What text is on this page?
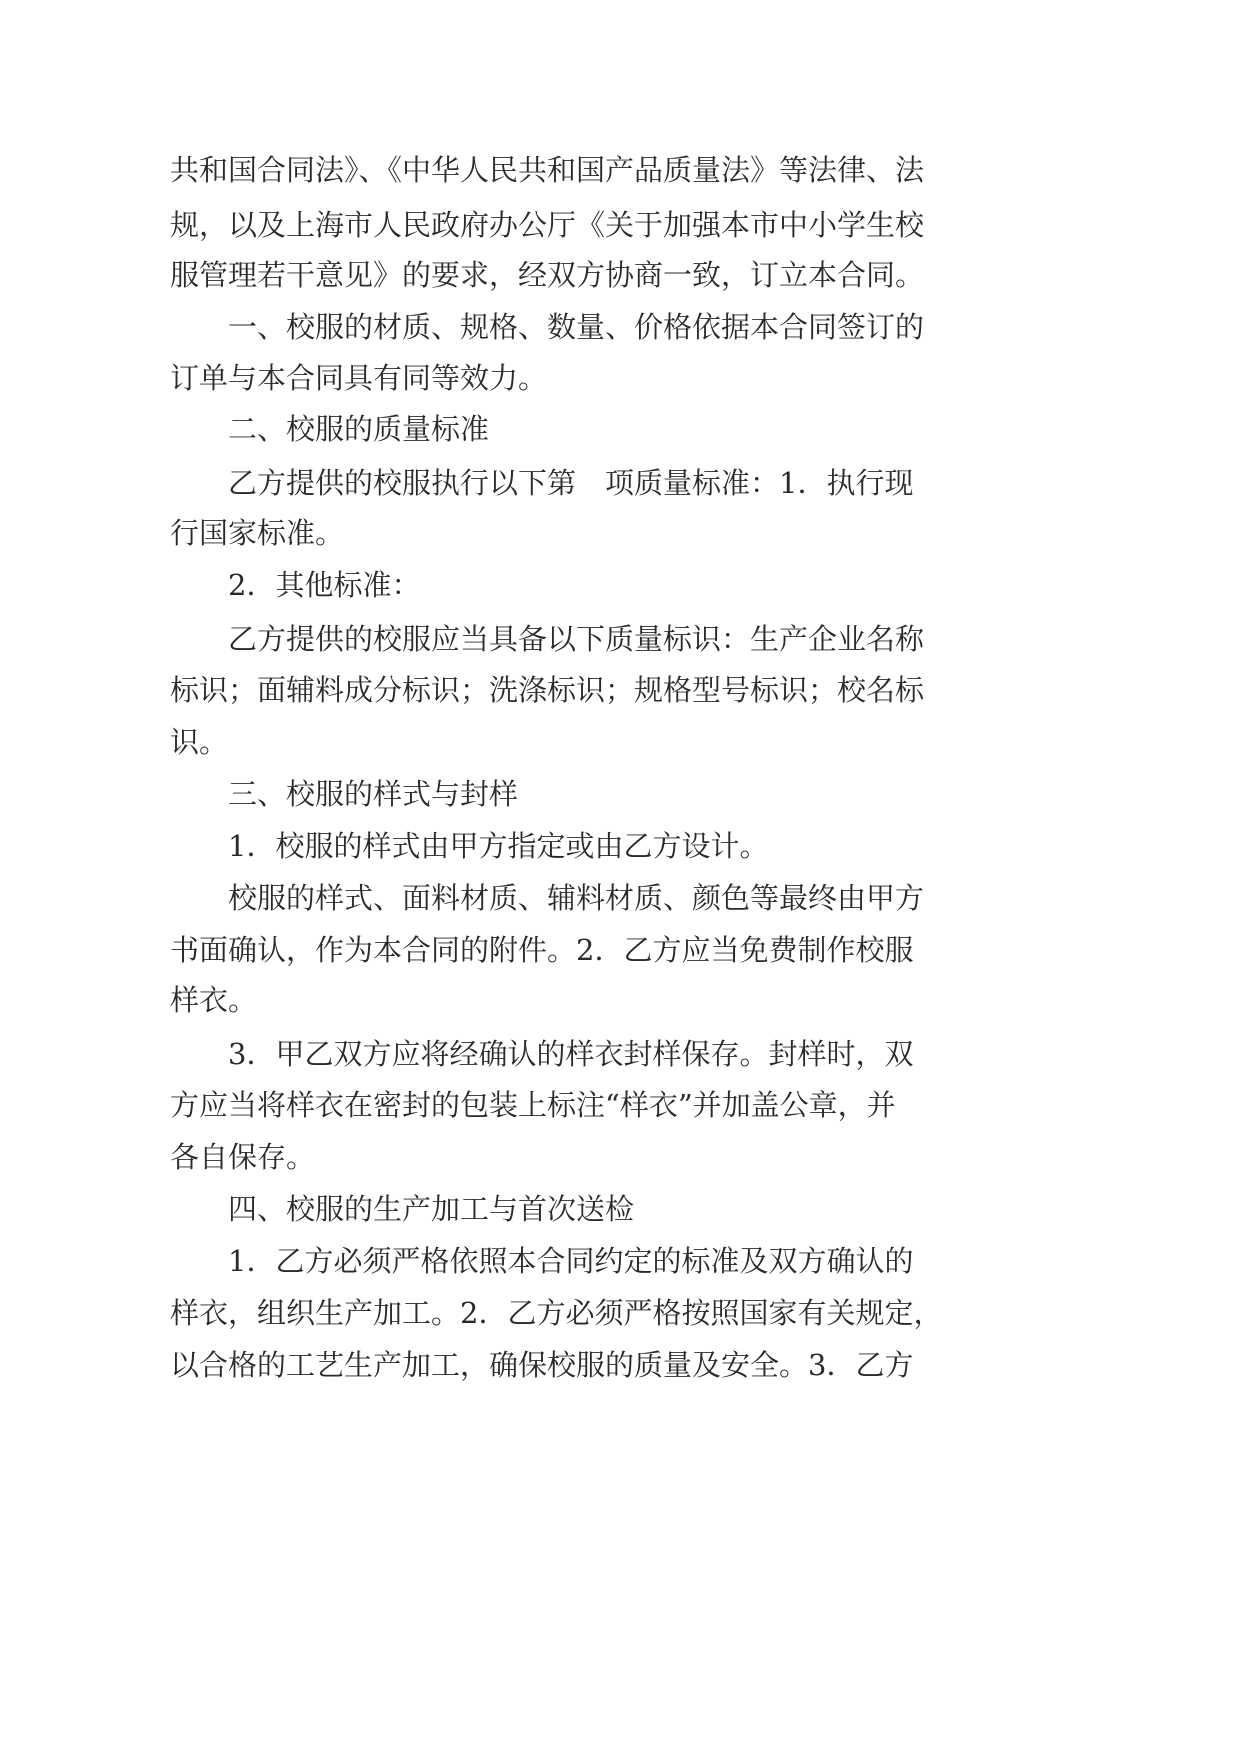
共和国合同法》、《中华人民共和国产品质量法》等法律、法
规，以及上海市人民政府办公厅《关于加强本市中小学生校
服管理若干意见》的要求，经双方协商一致，订立本合同。
一、校服的材质、规格、数量、价格依据本合同签订的
订单与本合同具有同等效力。
二、校服的质量标准
乙方提供的校服执行以下第　项质量标准：1．执行现
行国家标准。
2．其他标准：
乙方提供的校服应当具备以下质量标识：生产企业名称
标识；面辅料成分标识；洗涤标识；规格型号标识；校名标
识。
三、校服的样式与封样
1．校服的样式由甲方指定或由乙方设计。
校服的样式、面料材质、辅料材质、颜色等最终由甲方
书面确认，作为本合同的附件。2．乙方应当免费制作校服
样衣。
3．甲乙双方应将经确认的样衣封样保存。封样时，双
方应当将样衣在密封的包装上标注“样衣”并加盖公章，并
各自保存。
四、校服的生产加工与首次送检
1．乙方必须严格依照本合同约定的标准及双方确认的
样衣，组织生产加工。2．乙方必须严格按照国家有关规定，
以合格的工艺生产加工，确保校服的质量及安全。3．乙方
